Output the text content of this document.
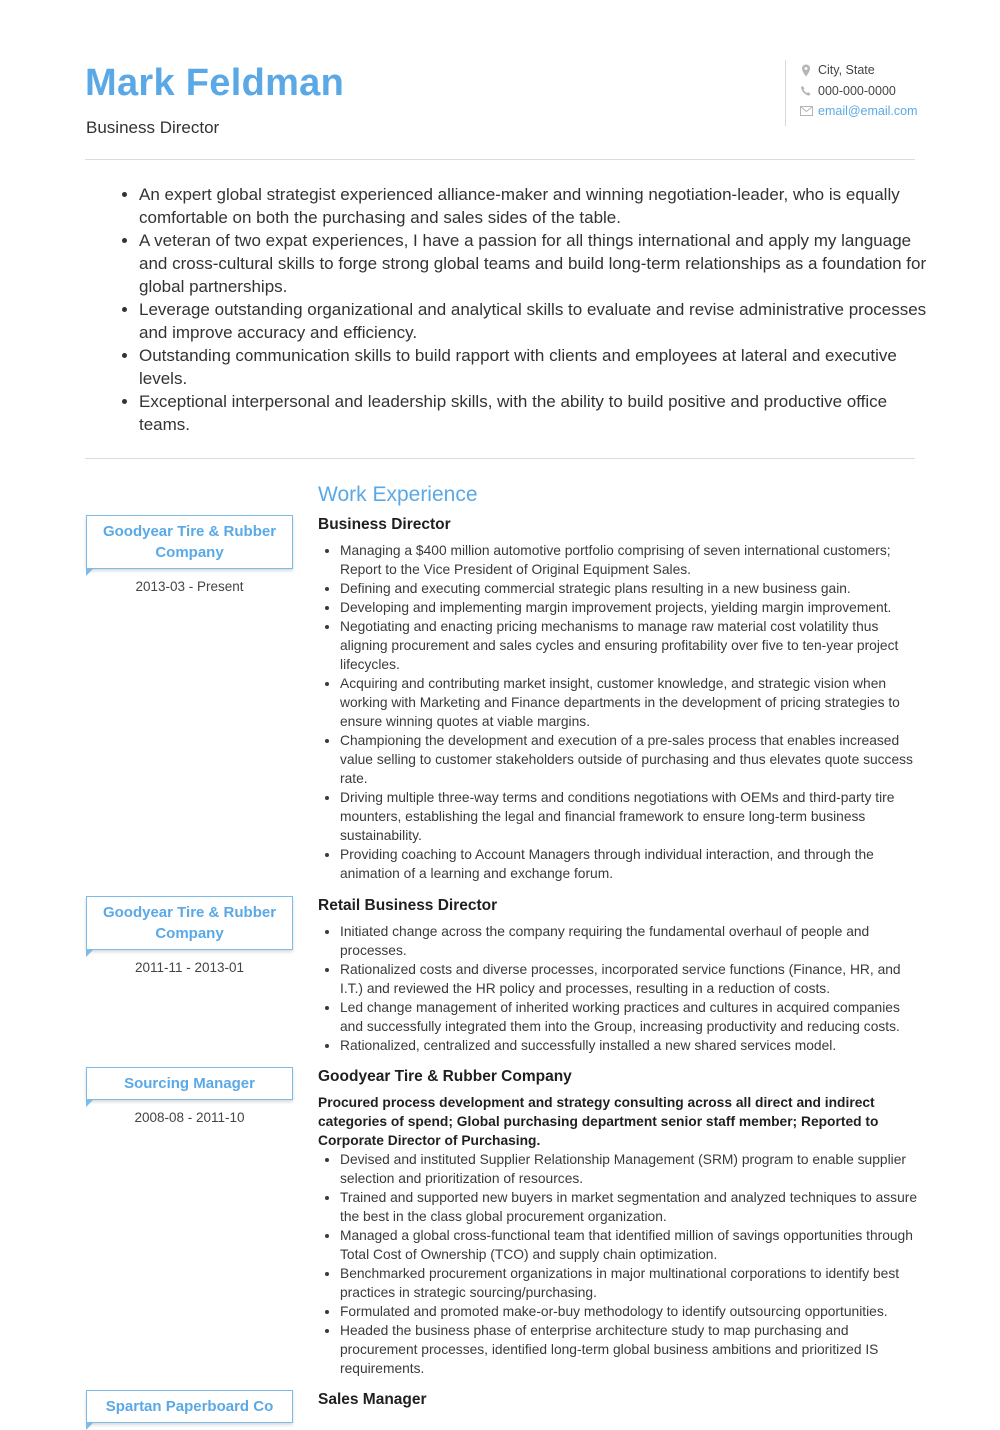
Mark Feldman
Business Director
City, State
000-000-0000
email@email.com
• An expert global strategist experienced alliance-maker and winning negotiation-leader, who is equally comfortable on both the purchasing and sales sides of the table.
• A veteran of two expat experiences, I have a passion for all things international and apply my language and cross-cultural skills to forge strong global teams and build long-term relationships as a foundation for global partnerships.
• Leverage outstanding organizational and analytical skills to evaluate and revise administrative processes and improve accuracy and efficiency.
• Outstanding communication skills to build rapport with clients and employees at lateral and executive levels.
• Exceptional interpersonal and leadership skills, with the ability to build positive and productive office teams.
Work Experience
Goodyear Tire & Rubber Company
2013-03 - Present
Business Director
• Managing a $400 million automotive portfolio comprising of seven international customers; Report to the Vice President of Original Equipment Sales.
• Defining and executing commercial strategic plans resulting in a new business gain.
• Developing and implementing margin improvement projects, yielding margin improvement.
• Negotiating and enacting pricing mechanisms to manage raw material cost volatility thus aligning procurement and sales cycles and ensuring profitability over five to ten-year project lifecycles.
• Acquiring and contributing market insight, customer knowledge, and strategic vision when working with Marketing and Finance departments in the development of pricing strategies to ensure winning quotes at viable margins.
• Championing the development and execution of a pre-sales process that enables increased value selling to customer stakeholders outside of purchasing and thus elevates quote success rate.
• Driving multiple three-way terms and conditions negotiations with OEMs and third-party tire mounters, establishing the legal and financial framework to ensure long-term business sustainability.
• Providing coaching to Account Managers through individual interaction, and through the animation of a learning and exchange forum.
Goodyear Tire & Rubber Company
2011-11 - 2013-01
Retail Business Director
• Initiated change across the company requiring the fundamental overhaul of people and processes.
• Rationalized costs and diverse processes, incorporated service functions (Finance, HR, and I.T.) and reviewed the HR policy and processes, resulting in a reduction of costs.
• Led change management of inherited working practices and cultures in acquired companies and successfully integrated them into the Group, increasing productivity and reducing costs.
• Rationalized, centralized and successfully installed a new shared services model.
Sourcing Manager
2008-08 - 2011-10
Goodyear Tire & Rubber Company
Procured process development and strategy consulting across all direct and indirect categories of spend; Global purchasing department senior staff member; Reported to Corporate Director of Purchasing.
• Devised and instituted Supplier Relationship Management (SRM) program to enable supplier selection and prioritization of resources.
• Trained and supported new buyers in market segmentation and analyzed techniques to assure the best in the class global procurement organization.
• Managed a global cross-functional team that identified million of savings opportunities through Total Cost of Ownership (TCO) and supply chain optimization.
• Benchmarked procurement organizations in major multinational corporations to identify best practices in strategic sourcing/purchasing.
• Formulated and promoted make-or-buy methodology to identify outsourcing opportunities.
• Headed the business phase of enterprise architecture study to map purchasing and procurement processes, identified long-term global business ambitions and prioritized IS requirements.
Spartan Paperboard Co	Sales Manager
